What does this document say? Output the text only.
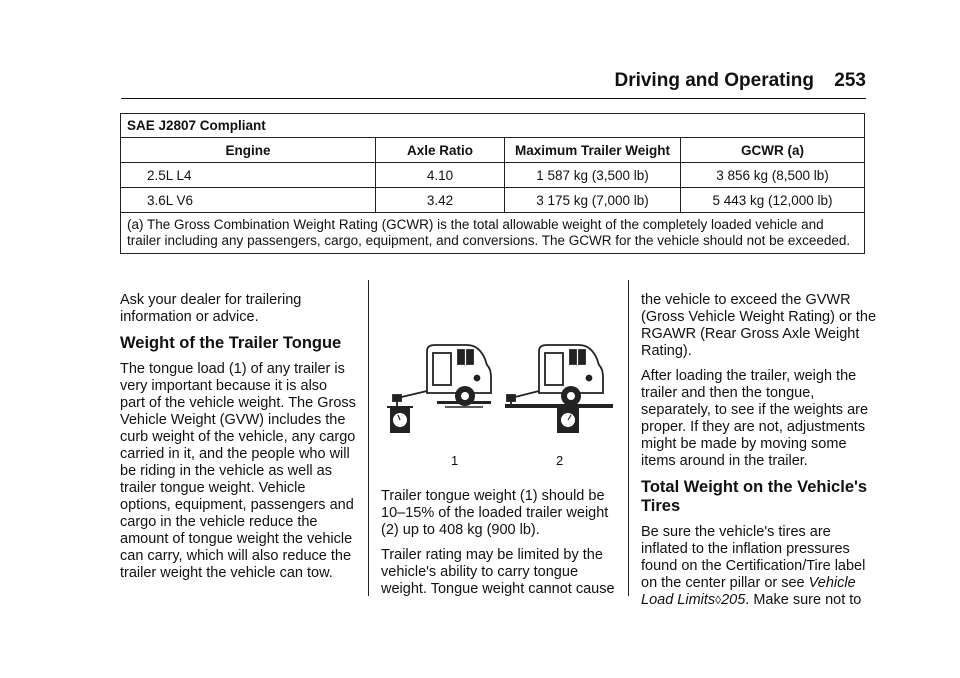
Driving and Operating 253
SAE J2807 Compliant			
Engine	Axle Ratio	Maximum Trailer Weight	GCWR (a)
2.5L L4	4.10	1 587 kg (3,500 lb)	3 856 kg (8,500 lb)
3.6L V6	3.42	3 175 kg (7,000 lb)	5 443 kg (12,000 lb)
(a) The Gross Combination Weight Rating (GCWR) is the total allowable weight of the completely loaded vehicle and trailer including any passengers, cargo, equipment, and conversions. The GCWR for the vehicle should not be exceeded.			

Ask your dealer for trailering information or advice.

Weight of the Trailer Tongue

The tongue load (1) of any trailer is very important because it is also part of the vehicle weight. The Gross Vehicle Weight (GVW) includes the curb weight of the vehicle, any cargo carried in it, and the people who will be riding in the vehicle as well as trailer tongue weight. Vehicle options, equipment, passengers and cargo in the vehicle reduce the amount of tongue weight the vehicle can carry, which will also reduce the trailer weight the vehicle can tow.

1	2

Trailer tongue weight (1) should be 10–15% of the loaded trailer weight (2) up to 408 kg (900 lb).

Trailer rating may be limited by the vehicle's ability to carry tongue weight. Tongue weight cannot cause

the vehicle to exceed the GVWR (Gross Vehicle Weight Rating) or the RGAWR (Rear Gross Axle Weight Rating).

After loading the trailer, weigh the trailer and then the tongue, separately, to see if the weights are proper. If they are not, adjustments might be made by moving some items around in the trailer.

Total Weight on the Vehicle's Tires

Be sure the vehicle's tires are inflated to the inflation pressures found on the Certification/Tire label on the center pillar or see Vehicle Load Limits◊205. Make sure not to
